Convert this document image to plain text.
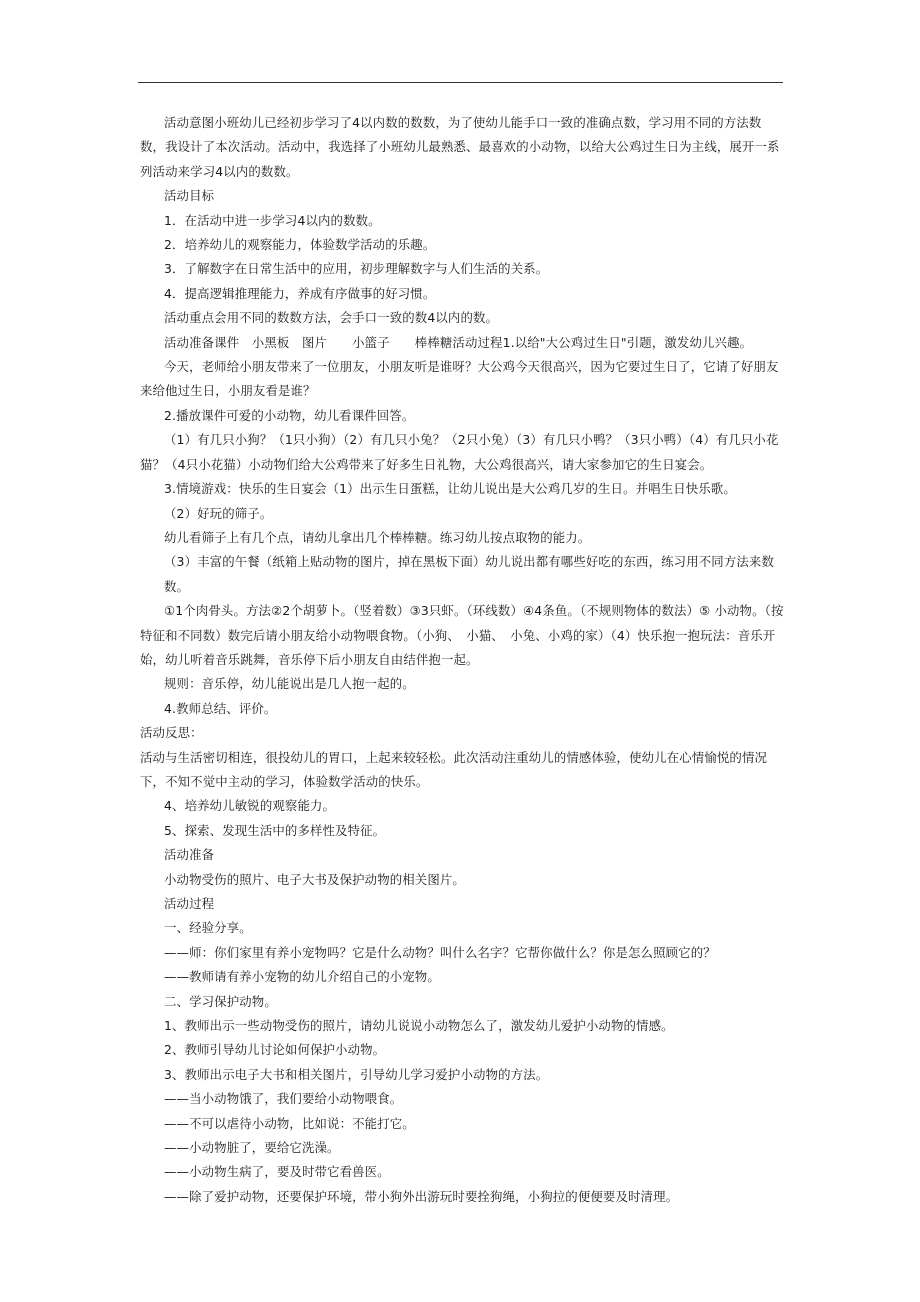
活动意图小班幼儿已经初步学习了4以内数的数数，为了使幼儿能手口一致的准确点数，学习用不同的方法数数，我设计了本次活动。活动中，我选择了小班幼儿最熟悉、最喜欢的小动物，以给大公鸡过生日为主线，展开一系列活动来学习4以内的数数。

活动目标

1．在活动中进一步学习4以内的数数。

2．培养幼儿的观察能力，体验数学活动的乐趣。

3．了解数字在日常生活中的应用，初步理解数字与人们生活的关系。

4．提高逻辑推理能力，养成有序做事的好习惯。

活动重点会用不同的数数方法，会手口一致的数4以内的数。

活动准备课件　小黑板　图片　　小篮子　　棒棒糖活动过程1.以给"大公鸡过生日"引题，激发幼儿兴趣。

今天，老师给小朋友带来了一位朋友，小朋友听是谁呀？大公鸡今天很高兴，因为它要过生日了，它请了好朋友来给他过生日，小朋友看是谁？

2.播放课件可爱的小动物，幼儿看课件回答。

（1）有几只小狗？（1只小狗）（2）有几只小兔？（2只小兔）（3）有几只小鸭？（3只小鸭）（4）有几只小花猫？（4只小花猫）小动物们给大公鸡带来了好多生日礼物，大公鸡很高兴，请大家参加它的生日宴会。

3.情境游戏：快乐的生日宴会（1）出示生日蛋糕，让幼儿说出是大公鸡几岁的生日。并唱生日快乐歌。

（2）好玩的筛子。

幼儿看筛子上有几个点，请幼儿拿出几个棒棒糖。练习幼儿按点取物的能力。

（3）丰富的午餐（纸箱上贴动物的图片，掉在黑板下面）幼儿说出都有哪些好吃的东西，练习用不同方法来数数。

①1个肉骨头。方法②2个胡萝卜。（竖着数）③3只虾。（环线数）④4条鱼。（不规则物体的数法）⑤ 小动物。（按特征和不同数）数完后请小朋友给小动物喂食物。（小狗、　小猫、　小兔、小鸡的家）（4）快乐抱一抱玩法：音乐开始，幼儿听着音乐跳舞，音乐停下后小朋友自由结伴抱一起。

规则：音乐停，幼儿能说出是几人抱一起的。

4.教师总结、评价。

活动反思：

活动与生活密切相连，很投幼儿的胃口，上起来较轻松。此次活动注重幼儿的情感体验，使幼儿在心情愉悦的情况下，不知不觉中主动的学习，体验数学活动的快乐。

4、培养幼儿敏锐的观察能力。

5、探索、发现生活中的多样性及特征。

活动准备

小动物受伤的照片、电子大书及保护动物的相关图片。

活动过程

一、经验分享。

——师：你们家里有养小宠物吗？它是什么动物？叫什么名字？它帮你做什么？你是怎么照顾它的？

——教师请有养小宠物的幼儿介绍自己的小宠物。

二、学习保护动物。

1、教师出示一些动物受伤的照片，请幼儿说说小动物怎么了，激发幼儿爱护小动物的情感。

2、教师引导幼儿讨论如何保护小动物。

3、教师出示电子大书和相关图片，引导幼儿学习爱护小动物的方法。

——当小动物饿了，我们要给小动物喂食。

——不可以虐待小动物，比如说：不能打它。

——小动物脏了，要给它洗澡。

——小动物生病了，要及时带它看兽医。

——除了爱护动物，还要保护环境，带小狗外出游玩时要拴狗绳，小狗拉的便便要及时清理。
